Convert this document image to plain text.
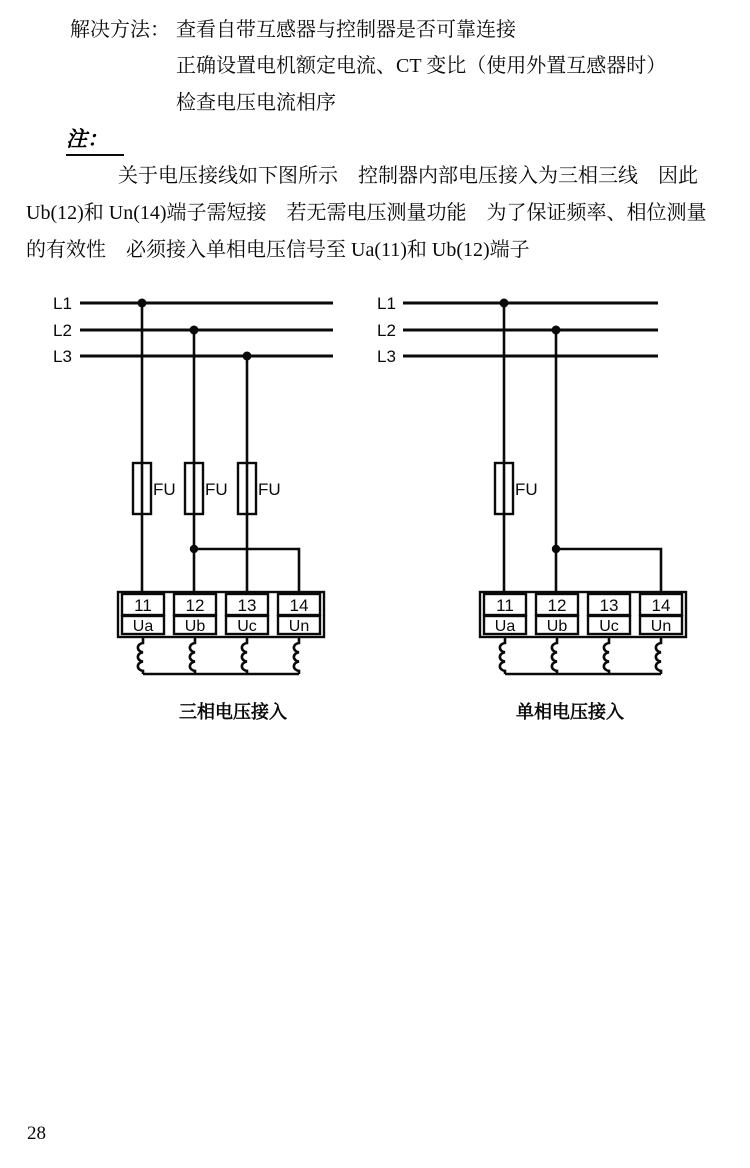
解决方法： 查看自带互感器与控制器是否可靠连接
正确设置电机额定电流、CT 变比（使用外置互感器时）
检查电压电流相序
注：
关于电压接线如下图所示　控制器内部电压接入为三相三线　因此
Ub(12)和 Un(14)端子需短接　若无需电压测量功能　为了保证频率、相位测量
的有效性　必须接入单相电压信号至 Ua(11)和 Ub(12)端子
L1
L2
L3
FU FU FU
11
Ua
12
Ub
13
Uc
14
Un
三相电压接入
L1
L2
L3
FU
11
Ua
12
Ub
13
Uc
14
Un
单相电压接入
28
